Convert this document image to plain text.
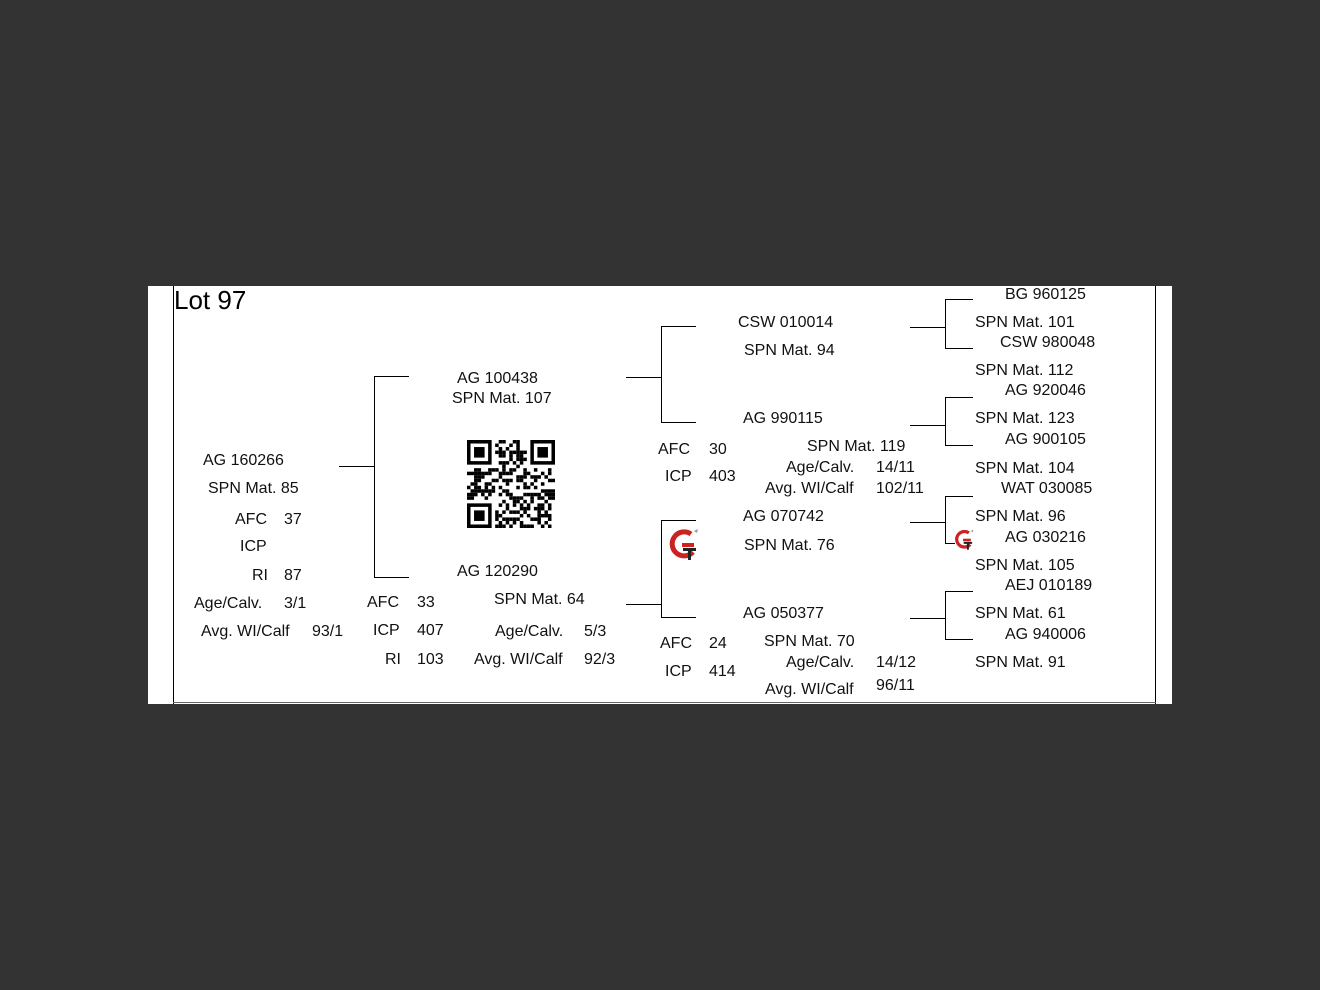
Lot 97
AG 160266
SPN Mat. 85
AFC 37
ICP
RI 87
Age/Calv. 3/1
Avg. WI/Calf 93/1
AG 100438
SPN Mat. 107
AG 120290
SPN Mat. 64
AFC 33
ICP 407
RI 103
Age/Calv. 5/3
Avg. WI/Calf 92/3
CSW 010014
SPN Mat. 94
AG 990115
SPN Mat. 119
AFC 30
ICP 403
Age/Calv. 14/11
Avg. WI/Calf 102/11
AG 070742
SPN Mat. 76
AG 050377
SPN Mat. 70
AFC 24
ICP 414
Age/Calv. 14/12
Avg. WI/Calf 96/11
BG 960125
SPN Mat. 101
CSW 980048
SPN Mat. 112
AG 920046
SPN Mat. 123
AG 900105
SPN Mat. 104
WAT 030085
SPN Mat. 96
AG 030216
SPN Mat. 105
AEJ 010189
SPN Mat. 61
AG 940006
SPN Mat. 91
